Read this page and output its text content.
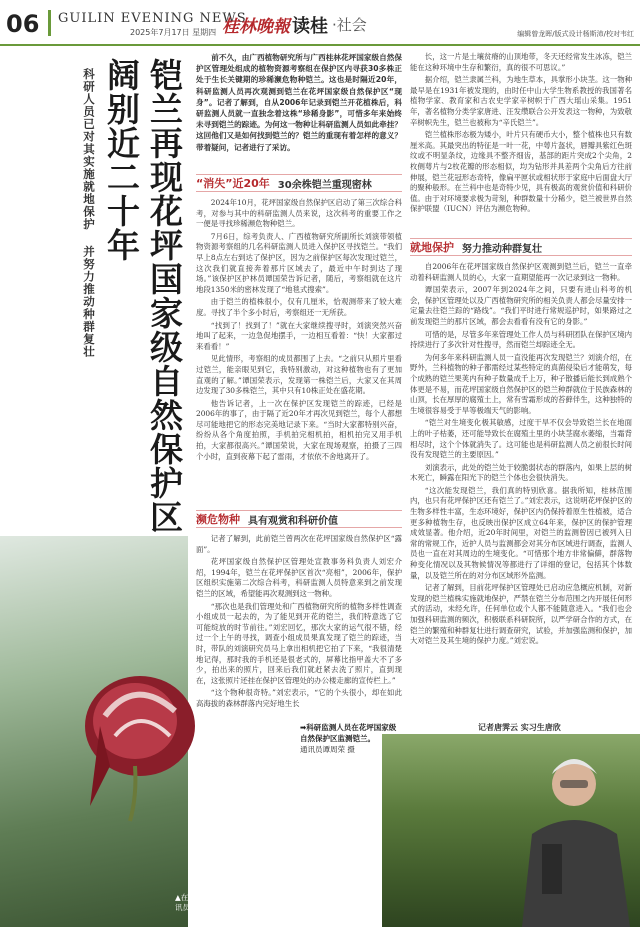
06 GUILIN EVENING NEWS
2025年7月17日 星期四 桂林晚報 读桂 ·社会	编辑曾龙晖/版式设计杨斯沛/校对韦红
铠兰再现花坪国家级自然保护区
阔别近二十年
科研人员已对其实施就地保护 并努力推动种群复壮

前不久，由广西植物研究所与广西桂林花坪国家级自然保护区管理处组成的植物资源考察组在保护区内寻获30多株正处于生长关键期的珍稀濒危物种铠兰。这也是时隔近20年，科研监测人员再次观测到铠兰在花坪国家级自然保护区“现身”。记者了解到，自从2006年记录到铠兰开花植株后，科研监测人员就一直独念着这株“珍稀身影”，可惜多年来始终未寻到铠兰的踪迹。为何这一物种让科研监测人员如此牵挂？这回他们又是如何找到铠兰的？铠兰的重现有着怎样的意义？带着疑问，记者进行了采访。

“消失”近20年 30余株铠兰重现密林

2024年10月，花坪国家级自然保护区启动了第三次综合科考，对参与其中的科研监测人员来说，这次科考的重要工作之一便是寻找珍稀濒危物种铠兰。

7月6日，综考负责人、广西植物研究所副所长刘演带领植物资源考察组的几名科研监测人员进入保护区寻找铠兰。“我们早上8点左右到达了保护区，因为之前保护区每次发现过铠兰，这次我们就直接奔着那片区域去了，最近中午时到达了现场。”该保护区护林员谭国荣告诉记者，随后，考察组就在这片地段1350米的密林发现了“地毯式搜索”。

由于铠兰的植株很小，仅有几厘米，恰观测带来了较大难度。寻找了半个多小时后，考察组还一无所获。

“找到了！找到了！”就在大家继续搜寻时，刘演突然兴奋地叫了起来，一边急促地摆手，一边相互看着：“快！大家都过来看看！”

见此情形，考察组的成员都围了上去。“之前只从照片里看过铠兰，能亲眼见到它，我特别激动，对这种植物也有了更加直观的了解。”谭国荣表示，发现第一株铠兰后，大家又在其周边发现了30多株铠兰，其中只有10株正处在盛花期。

他告诉记者，上一次在保护区发现铠兰的踪迹，已经是2006年的事了，由于隔了近20年才再次见到铠兰，每个人都想尽可能地把它的形态完美地记录下来。“当时大家都特别兴奋，纷纷从各个角度拍照，手机拍完相机拍，相机拍完又用手机拍，大家都很高兴。”谭国荣说，大家在现场观察，拍摄了三四个小时，直到夜幕下起了雷雨，才依依不舍地离开了。

濒危物种 具有观赏和科研价值

记者了解到，此前铠兰曾两次在花坪国家级自然保护区“露面”。

花坪国家级自然保护区管理处宣教事务科负责人刘宏介绍，1994年，铠兰在花坪保护区首次“亮相”，2006年，保护区组织实施第二次综合科考，科研监测人员特意来到之前发现铠兰的区域，希望能再次观测到这一物种。

“那次也是我们管理处和广西植物研究所的植物多样性调查小组成员一起去的，为了能见到开花的铠兰，我们特意选了它可能绽放的时节前往。”刘宏回忆，那次大家的运气很不错，经过一个上午的寻找，调查小组成员果真发现了铠兰的踪迹，当时，带队的刘演研究员马上拿出相机把它拍了下来，“我很清楚地记得，那时我的手机还是很老式的，屏幕比指甲盖大不了多少，拍出来的照片，回来后我们就赶紧去洗了照片，直到现在，这张照片还挂在保护区管理处的办公楼走廊的宣传栏上。”

“这个物种很奇特。”刘宏表示，“它的个头很小，却在如此高海拔的森林群落内完好地生长

长，这一片是土壤贫瘠的山顶地带，冬天还经常发生冰冻，铠兰能在这种环境中生存和繁衍，真的很不可思议。”

据介绍，铠兰隶属兰科，为地生草本，具掌形小块茎。这一物种最早是在1931年被发现的，由时任中山大学生物系教授的我国著名植物学家、教育家和古农史学家辛树帜于广西大瑶山采集。1951年，著名植物分类学家唐进、汪发缵联合公开发表这一物种，为致敬辛树帜先生，铠兰也被称为“辛氏铠兰”。

铠兰植株形态极为矮小，叶片只有硬币大小，整个植株也只有数厘米高。其最突出的特征是一叶一花，中萼片盔状，唇瓣具紫红色斑纹或不明显条纹，边缘具不整齐细齿，基部的距片突成2个尖角，2枚侧萼片与2枚花瓣的形态相似，均为钻形并具差两个尖角后方往前伸展，铠兰花冠形态奇特，像扁平匣状或相状形于家庭中后面盘大厅的聚种般形。在兰科中也是奇特少见，具有极高的观赏价值和科研价值。由于对环境要求极为苛刻，种群数量十分稀少，铠兰被世界自然保护联盟（IUCN）评估为濒危物种。

就地保护 努力推动种群复壮

自2006年在花坪国家级自然保护区观测到铠兰后，铠兰一直牵动着科研监测人员的心，大家一直期望能再一次记录到这一物种。

谭国荣表示，2007年到2024年之间，只要有进山科考的机会，保护区管理处以及广西植物研究所的相关负责人都会尽量安排一定量去往铠兰踪的“路线”。“我们平时进行常规巡护时，如果路过之前发现铠兰的那片区域，都会去看看有没有它的身影。”

可惜的是，尽管多年来管理处工作人员与科研团队在保护区境内持续进行了多次针对性搜寻，然而铠兰却踪迹全无。

为何多年来科研监测人员一直没能再次发现铠兰？刘演介绍，在野外，兰科植物的种子都需经过某些特定的真菌侵染后才能萌发，每个成熟的铠兰果荚内有种子数量成千上万，种子散播后能长到成熟个体更是不易，而花坪国家级自然保护区的铠兰种群就位于民族森林的山顶，长在厚厚的腐殖土上，常有雪霜形成的苔藓伴生，这种独特的生境很容易受于旱等极端天气的影响。

“铠兰对生境变化极其敏感，过度干旱不仅会导致铠兰长在地面上的叶子枯萎，还可能导致长在腐殖土里的小块茎腐水萎缩，当霜背相尽时，这个个体就消失了。这可能也是科研监测人员之前很长时间没有发现铠兰的主要原因。”

刘演表示，此处的铠兰处于较脆弱状态的群落内，如果上层的树木死亡，瞬露在阳光下的铠兰个体也会很快消失。

“这次能发现铠兰，我们真的特别欣喜。据我所知，桂林范围内，也只有花坪保护区还有铠兰了。”刘宏表示，这说明花坪保护区的生物多样性丰富，生态环境好，保护区内仍保持着原生性植被，适合更多种植物生存，也反映出保护区成立64年来，保护区的保护管理成效显著。他介绍，近20年时间里，对铠兰的监测曾因已被列入日常的常规工作，近护人员与监测都会对其分布区域进行调查，监测人员也一直在对其周边的生境变化。“可惜那个地方非常偏僻，群落物种变化情况以及其物候情况等都进行了详细的登记，包括其个体数量，以及铠兰所在的对分布区域形外监测。

记者了解到，目前花坪保护区管理处已启动应急概应机制，对新发现的铠兰植株实施就地保护，严禁在铠兰分布范围之内开展任何形式的活动，未经允许，任何单位或个人都不能随意进入。“我们也会加强科研监测的频次，积极联系科研院所，以严学研合作的方式，在铠兰的繁殖和种群复壮进行调查研究，试验，并加强监测和保护，加大对铠兰及其生境的保护力度。”刘宏说。

记者唐霁云 实习生唐欣
➡科研监测人员在花坪国家级自然保护区监测铠兰。
通讯员谭周荣 摄
▲在保护区内找到的珍稀濒危物种铠兰。 通讯员刘演 摄
